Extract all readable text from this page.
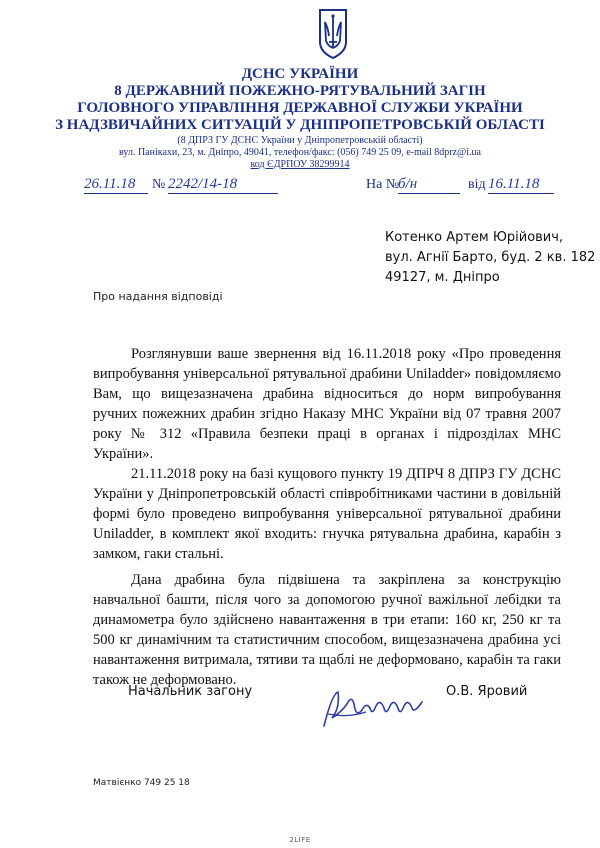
ДСНС УКРАЇНИ
8 ДЕРЖАВНИЙ ПОЖЕЖНО-РЯТУВАЛЬНИЙ ЗАГІН
ГОЛОВНОГО УПРАВЛІННЯ ДЕРЖАВНОЇ СЛУЖБИ УКРАЇНИ
З НАДЗВИЧАЙНИХ СИТУАЦІЙ У ДНІПРОПЕТРОВСЬКІЙ ОБЛАСТІ
(8 ДПРЗ ГУ ДСНС України у Дніпропетровській області)
вул. Панікахи, 23, м. Дніпро, 49041, телефон/факс: (056) 749 25 09, e-mail 8dprz@i.ua
код ЄДРПОУ 38299914
26.11.18	№ 2242/14-18	На №
б/н	від 16.11.18
Котенко Артем Юрійович,
вул. Агнії Барто, буд. 2 кв. 182
49127, м. Дніпро
Про надання відповіді

Розглянувши ваше звернення від 16.11.2018 року «Про проведення випробування універсальної рятувальної драбини Uniladder» повідомляємо Вам, що вищезазначена драбина відноситься до норм випробування ручних пожежних драбин згідно Наказу МНС України від 07 травня 2007 року № 312 «Правила безпеки праці в органах і підрозділах МНС України».

21.11.2018 року на базі кущового пункту 19 ДПРЧ 8 ДПРЗ ГУ ДСНС України у Дніпропетровській області співробітниками частини в довільній формі було проведено випробування універсальної рятувальної драбини Uniladder, в комплект якої входить: гнучка рятувальна драбина, карабін з замком, гаки стальні.

Дана драбина була підвішена та закріплена за конструкцію навчальної башти, після чого за допомогою ручної важільної лебідки та динамометра було здійснено навантаження в три етапи: 160 кг, 250 кг та 500 кг динамічним та статистичним способом, вищезазначена драбина усі навантаження витримала, тятиви та щаблі не деформовано, карабін та гаки також не деформовано.

Начальник загону	О.В. Яровий
Матвієнко 749 25 18
2LIFE
